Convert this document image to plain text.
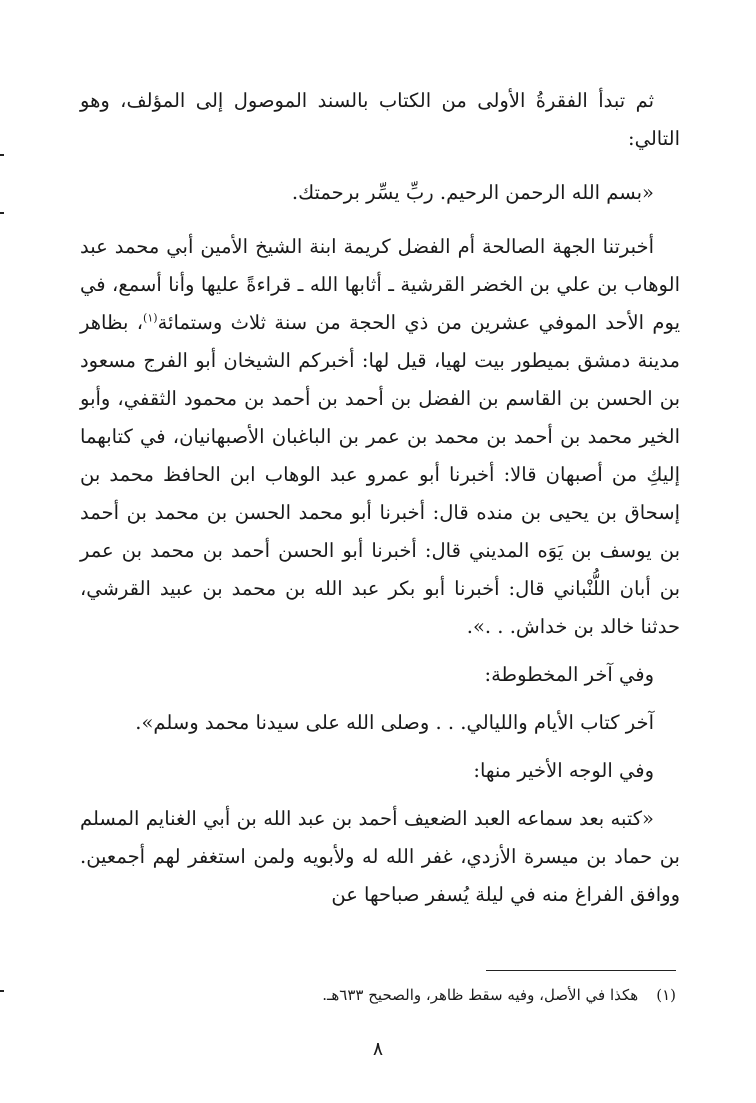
ثم تبدأ الفقرةُ الأولى من الكتاب بالسند الموصول إلى المؤلف، وهو التالي:

«بسم الله الرحمن الرحيم. ربِّ يسِّر برحمتك.

أخبرتنا الجهة الصالحة أم الفضل كريمة ابنة الشيخ الأمين أبي محمد عبد الوهاب بن علي بن الخضر القرشية ـ أثابها الله ـ قراءةً عليها وأنا أسمع، في يوم الأحد الموفي عشرين من ذي الحجة من سنة ثلاث وستمائة$^{(١)}$، بظاهر مدينة دمشق بميطور بيت لهيا، قيل لها: أخبركم الشيخان أبو الفرج مسعود بن الحسن بن القاسم بن الفضل بن أحمد بن أحمد بن محمود الثقفي، وأبو الخير محمد بن أحمد بن محمد بن عمر بن الباغبان الأصبهانيان، في كتابهما إليكِ من أصبهان قالا: أخبرنا أبو عمرو عبد الوهاب ابن الحافظ محمد بن إسحاق بن يحيى بن منده قال: أخبرنا أبو محمد الحسن بن محمد بن أحمد بن يوسف بن يَوَه المديني قال: أخبرنا أبو الحسن أحمد بن محمد بن عمر بن أبان اللُّنْباني قال: أخبرنا أبو بكر عبد الله بن محمد بن عبيد القرشي، حدثنا خالد بن خداش. . .».

وفي آخر المخطوطة:

آخر كتاب الأيام والليالي. . . وصلى الله على سيدنا محمد وسلم».

وفي الوجه الأخير منها:

«كتبه بعد سماعه العبد الضعيف أحمد بن عبد الله بن أبي الغنايم المسلم بن حماد بن ميسرة الأزدي، غفر الله له ولأبويه ولمن استغفر لهم أجمعين. ووافق الفراغ منه في ليلة يُسفر صباحها عن

(١)هكذا في الأصل، وفيه سقط ظاهر، والصحيح ٦٣٣هـ.
٨
